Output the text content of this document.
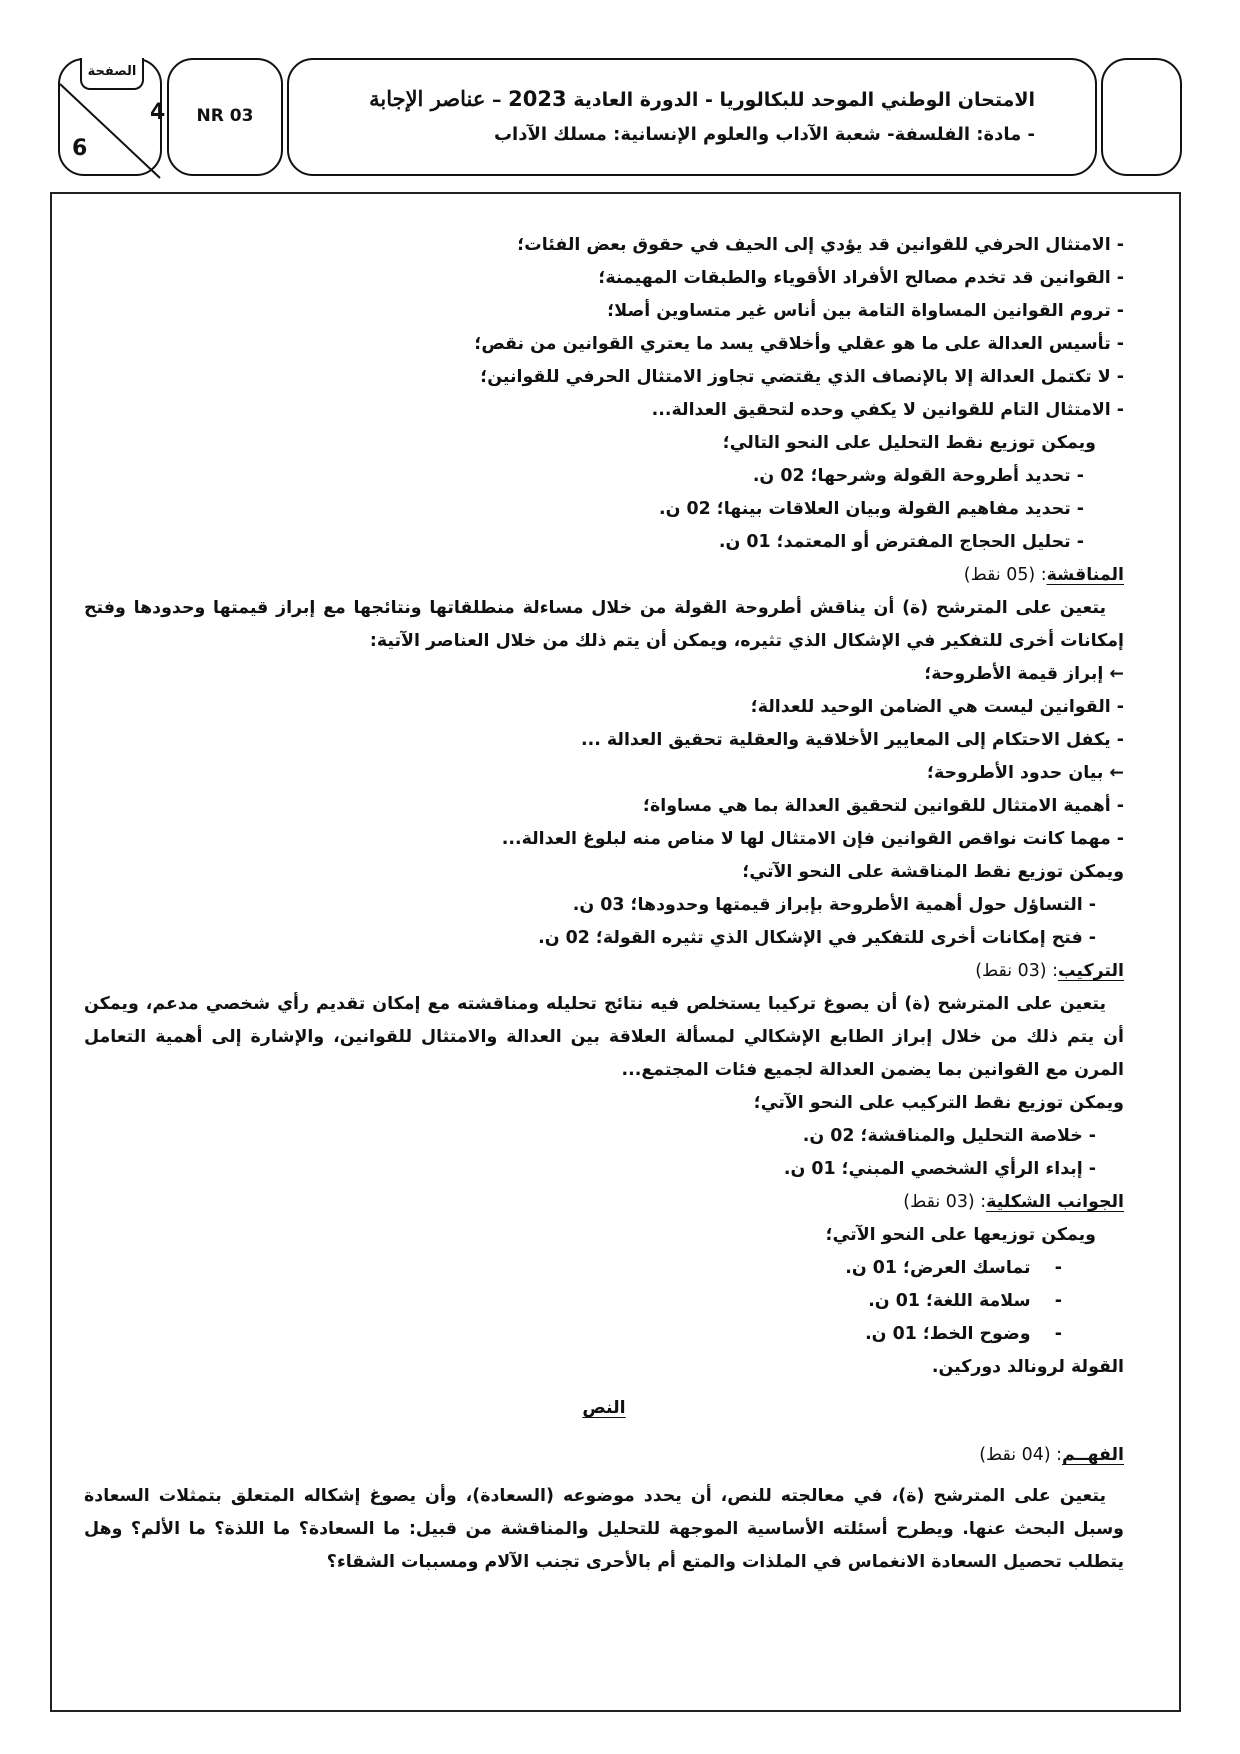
الصفحة
4
6
NR 03
الامتحان الوطني الموحد للبكالوريا - الدورة العادية 2023 – عناصر الإجابة
- مادة: الفلسفة- شعبة الآداب والعلوم الإنسانية: مسلك الآداب
- الامتثال الحرفي للقوانين قد يؤدي إلى الحيف في حقوق بعض الفئات؛
- القوانين قد تخدم مصالح الأفراد الأقوياء والطبقات المهيمنة؛
- تروم القوانين المساواة التامة بين أناس غير متساوين أصلا؛
- تأسيس العدالة على ما هو عقلي وأخلاقي يسد ما يعتري القوانين من نقص؛
- لا تكتمل العدالة إلا بالإنصاف الذي يقتضي تجاوز الامتثال الحرفي للقوانين؛
- الامتثال التام للقوانين لا يكفي وحده لتحقيق العدالة...
ويمكن توزيع نقط التحليل على النحو التالي؛
- تحديد أطروحة القولة وشرحها؛ 02 ن.
- تحديد مفاهيم القولة وبيان العلاقات بينها؛ 02 ن.
- تحليل الحجاج المفترض أو المعتمد؛ 01 ن.
المناقشة: (05 نقط)
يتعين على المترشح (ة) أن يناقش أطروحة القولة من خلال مساءلة منطلقاتها ونتائجها مع إبراز قيمتها وحدودها وفتح إمكانات أخرى للتفكير في الإشكال الذي تثيره، ويمكن أن يتم ذلك من خلال العناصر الآتية:
← إبراز قيمة الأطروحة؛
- القوانين ليست هي الضامن الوحيد للعدالة؛
- يكفل الاحتكام إلى المعايير الأخلاقية والعقلية تحقيق العدالة ...
← بيان حدود الأطروحة؛
- أهمية الامتثال للقوانين لتحقيق العدالة بما هي مساواة؛
- مهما كانت نواقص القوانين فإن الامتثال لها لا مناص منه لبلوغ العدالة...
ويمكن توزيع نقط المناقشة على النحو الآتي؛
- التساؤل حول أهمية الأطروحة بإبراز قيمتها وحدودها؛ 03 ن.
- فتح إمكانات أخرى للتفكير في الإشكال الذي تثيره القولة؛ 02 ن.
التركيب: (03 نقط)
يتعين على المترشح (ة) أن يصوغ تركيبا يستخلص فيه نتائج تحليله ومناقشته مع إمكان تقديم رأي شخصي مدعم، ويمكن أن يتم ذلك من خلال إبراز الطابع الإشكالي لمسألة العلاقة بين العدالة والامتثال للقوانين، والإشارة إلى أهمية التعامل المرن مع القوانين بما يضمن العدالة لجميع فئات المجتمع...
ويمكن توزيع نقط التركيب على النحو الآتي؛
- خلاصة التحليل والمناقشة؛ 02 ن.
- إبداء الرأي الشخصي المبني؛ 01 ن.
الجوانب الشكلية: (03 نقط)
ويمكن توزيعها على النحو الآتي؛
-    تماسك العرض؛ 01 ن.
-    سلامة اللغة؛ 01 ن.
-    وضوح الخط؛ 01 ن.
القولة لرونالد دوركين.
النص
الفهــم: (04 نقط)
يتعين على المترشح (ة)، في معالجته للنص، أن يحدد موضوعه (السعادة)، وأن يصوغ إشكاله المتعلق بتمثلات السعادة وسبل البحث عنها. ويطرح أسئلته الأساسية الموجهة للتحليل والمناقشة من قبيل: ما السعادة؟ ما اللذة؟ ما الألم؟ وهل يتطلب تحصيل السعادة الانغماس في الملذات والمتع أم بالأحرى تجنب الآلام ومسببات الشقاء؟
